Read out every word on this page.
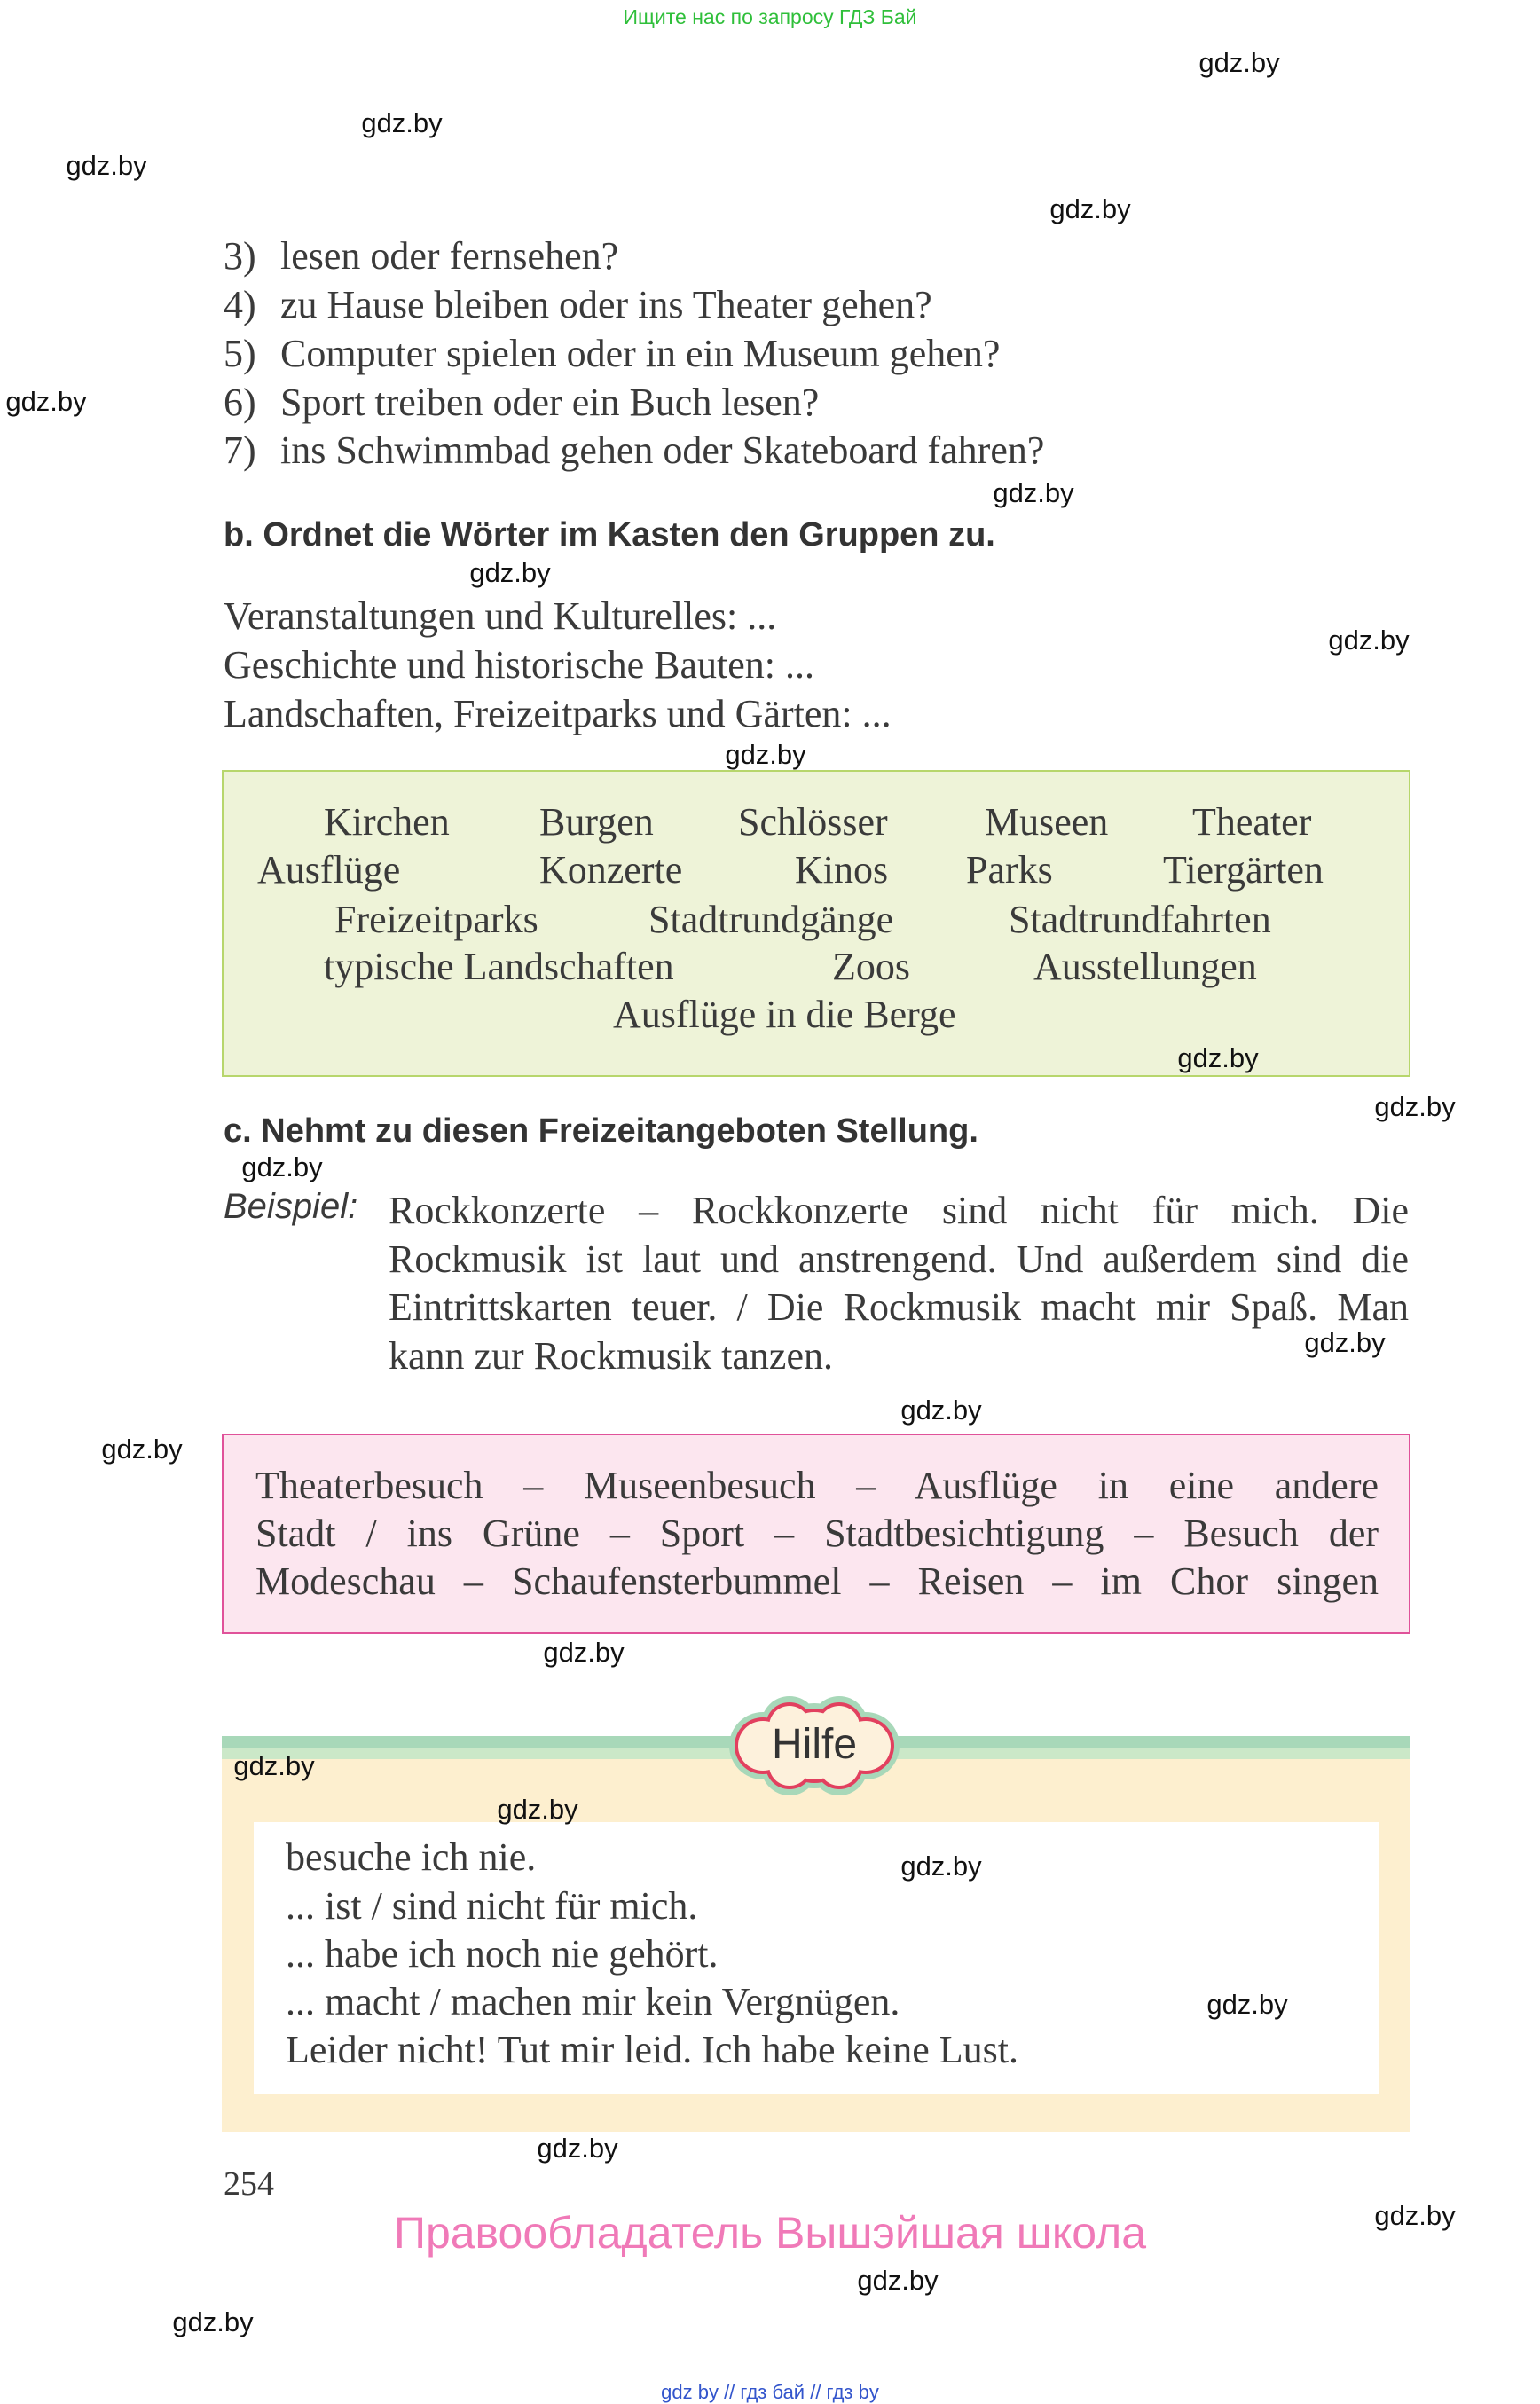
Ищите нас по запросу ГДЗ Бай
3) lesen oder fernsehen?
4) zu Hause bleiben oder ins Theater gehen?
5) Computer spielen oder in ein Museum gehen?
6) Sport treiben oder ein Buch lesen?
7) ins Schwimmbad gehen oder Skateboard fahren?
b. Ordnet die Wörter im Kasten den Gruppen zu.
Veranstaltungen und Kulturelles: ...
Geschichte und historische Bauten: ...
Landschaften, Freizeitparks und Gärten: ...
Kirchen Burgen Schlösser Museen Theater
Ausflüge	Konzerte	Kinos Parks	Tiergärten
Freizeitparks	Stadtrundgänge	Stadtrundfahrten
typische Landschaften	Zoos	Ausstellungen
Ausflüge in die Berge
c. Nehmt zu diesen Freizeitangeboten Stellung.
Beispiel: Rockkonzerte – Rockkonzerte sind nicht für mich. Die Rockmusik ist laut und anstrengend. Und außerdem sind die Eintrittskarten teuer. / Die Rockmusik macht mir Spaß. Man kann zur Rockmusik tanzen.

Theaterbesuch – Museenbesuch – Ausflüge in eine andere
Stadt / ins Grüne – Sport – Stadtbesichtigung – Besuch der
Modeschau – Schaufensterbummel – Reisen – im Chor singen

besuche ich nie.
... ist / sind nicht für mich.
... habe ich noch nie gehört.
... macht / machen mir kein Vergnügen.
Leider nicht! Tut mir leid. Ich habe keine Lust.
Hilfe
254
Правообладатель Вышэйшая школа
gdz by // гдз бай // гдз by
gdz.by
gdz.by
gdz.by
gdz.by
gdz.by
gdz.by
gdz.by
gdz.by
gdz.by
gdz.by
gdz.by
gdz.by
gdz.by
gdz.by
gdz.by
gdz.by
gdz.by
gdz.by
gdz.by
gdz.by
gdz.by
gdz.by
gdz.by
gdz.by
